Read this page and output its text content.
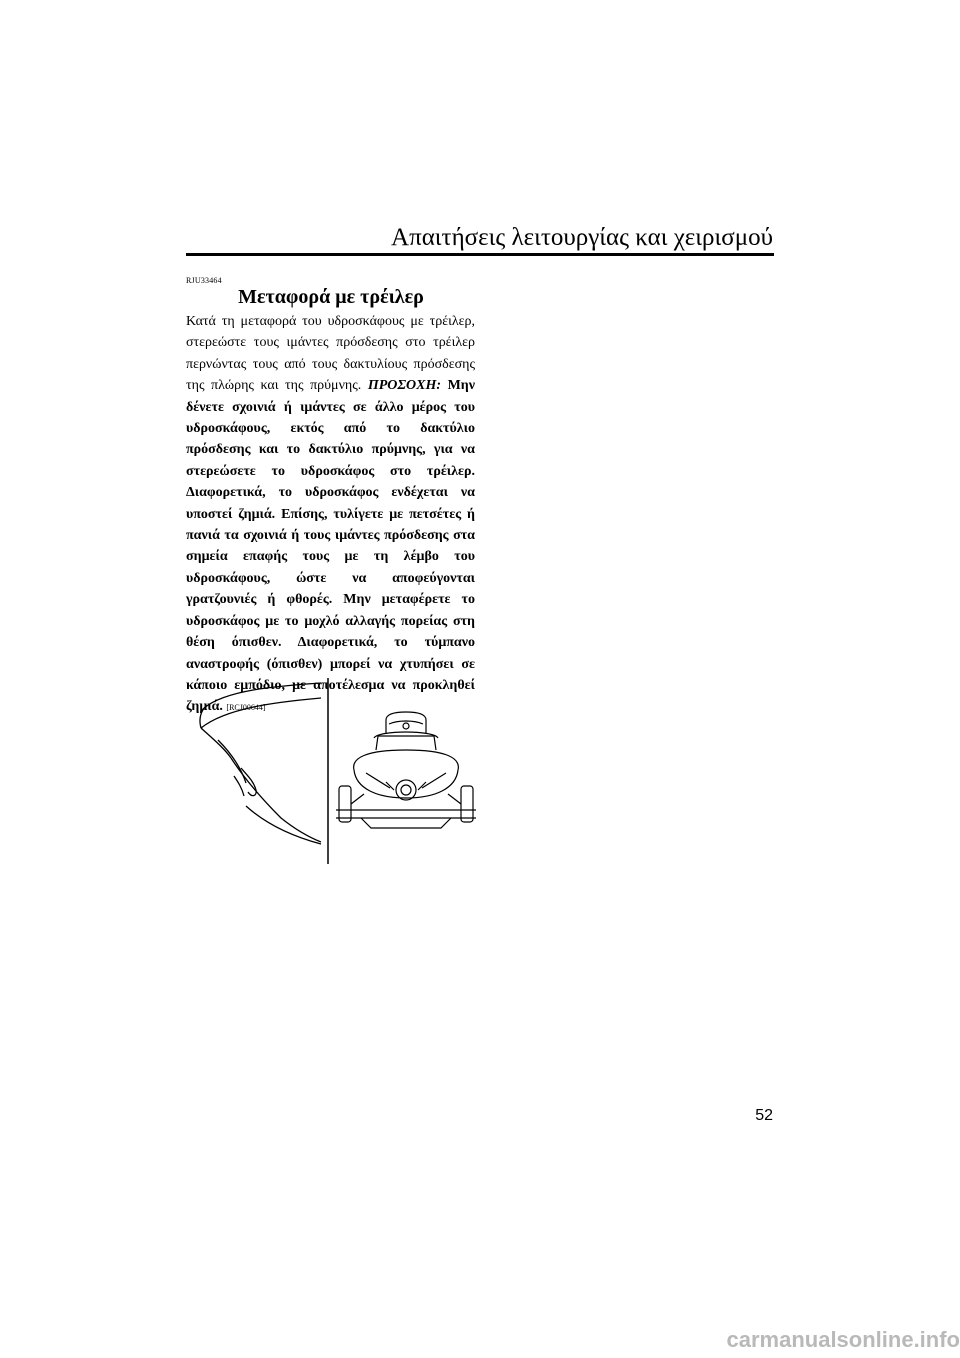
Απαιτήσεις λειτουργίας και χειρισμού
RJU33464
Μεταφορά με τρέιλερ
Κατά τη μεταφορά του υδροσκάφους με τρέιλερ, στερεώστε τους ιμάντες πρόσδεσης στο τρέιλερ περνώντας τους από τους δακτυλίους πρόσδεσης της πλώρης και της πρύμνης. ΠΡΟΣΟΧΗ: Μην δένετε σχοινιά ή ιμάντες σε άλλο μέρος του υδροσκάφους, εκτός από το δακτύλιο πρόσδεσης και το δακτύλιο πρύμνης, για να στερεώσετε το υδροσκάφος στο τρέιλερ. Διαφορετικά, το υδροσκάφος ενδέχεται να υποστεί ζημιά. Επίσης, τυλίγετε με πετσέτες ή πανιά τα σχοινιά ή τους ιμάντες πρόσδεσης στα σημεία επαφής τους με τη λέμβο του υδροσκάφους, ώστε να αποφεύγονται γρατζουνιές ή φθορές. Μην μεταφέρετε το υδροσκάφος με το μοχλό αλλαγής πορείας στη θέση όπισθεν. Διαφορετικά, το τύμπανο αναστροφής (όπισθεν) μπορεί να χτυπήσει σε κάποιο εμπόδιο, με αποτέλεσμα να προκληθεί ζημιά. [RCJ00644]
52
carmanualsonline.info
